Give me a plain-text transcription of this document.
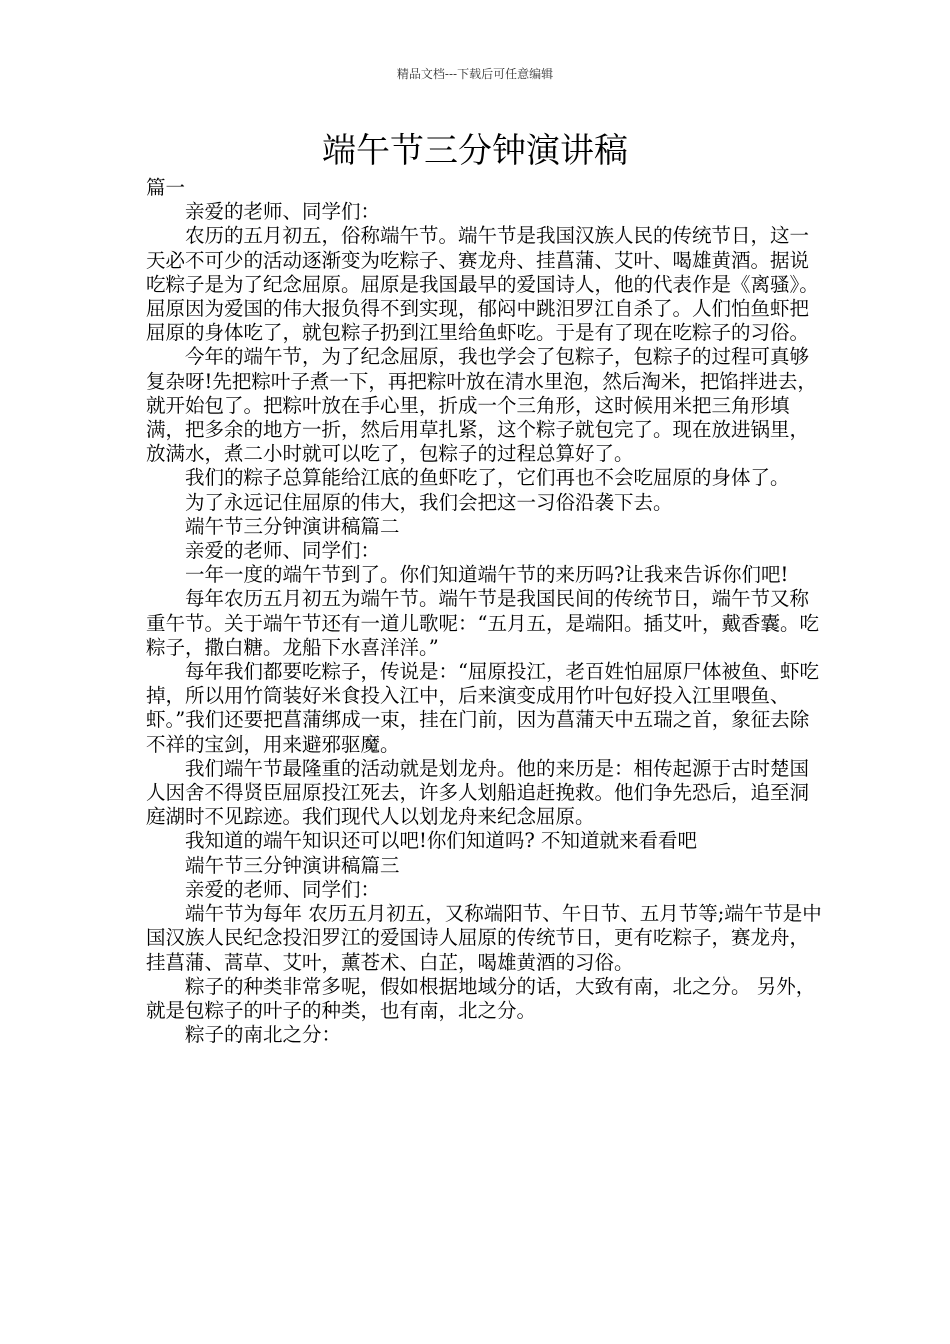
精品文档---下载后可任意编辑
端午节三分钟演讲稿

篇一

亲爱的老师、同学们：

农历的五月初五，俗称端午节。端午节是我国汉族人民的传统节日，这一天必不可少的活动逐渐变为吃粽子、赛龙舟、挂菖蒲、艾叶、喝雄黄酒。据说吃粽子是为了纪念屈原。屈原是我国最早的爱国诗人，他的代表作是《离骚》。屈原因为爱国的伟大报负得不到实现，郁闷中跳汨罗江自杀了。人们怕鱼虾把屈原的身体吃了，就包粽子扔到江里给鱼虾吃。于是有了现在吃粽子的习俗。

今年的端午节，为了纪念屈原，我也学会了包粽子，包粽子的过程可真够复杂呀!先把粽叶子煮一下，再把粽叶放在清水里泡，然后淘米，把馅拌进去，就开始包了。把粽叶放在手心里，折成一个三角形，这时候用米把三角形填满，把多余的地方一折，然后用草扎紧，这个粽子就包完了。现在放进锅里，放满水，煮二小时就可以吃了，包粽子的过程总算好了。

我们的粽子总算能给江底的鱼虾吃了，它们再也不会吃屈原的身体了。

为了永远记住屈原的伟大，我们会把这一习俗沿袭下去。

端午节三分钟演讲稿篇二

亲爱的老师、同学们：

一年一度的端午节到了。你们知道端午节的来历吗?让我来告诉你们吧!

每年农历五月初五为端午节。端午节是我国民间的传统节日，端午节又称重午节。关于端午节还有一道儿歌呢：“五月五，是端阳。插艾叶，戴香囊。吃粽子，撒白糖。龙船下水喜洋洋。”

每年我们都要吃粽子，传说是：“屈原投江，老百姓怕屈原尸体被鱼、虾吃掉，所以用竹筒装好米食投入江中，后来演变成用竹叶包好投入江里喂鱼、虾。”我们还要把菖蒲绑成一束，挂在门前，因为菖蒲天中五瑞之首，象征去除不祥的宝剑，用来避邪驱魔。

我们端午节最隆重的活动就是划龙舟。他的来历是：相传起源于古时楚国人因舍不得贤臣屈原投江死去，许多人划船追赶挽救。他们争先恐后，追至洞庭湖时不见踪迹。我们现代人以划龙舟来纪念屈原。

我知道的端午知识还可以吧!你们知道吗? 不知道就来看看吧

端午节三分钟演讲稿篇三

亲爱的老师、同学们：

端午节为每年 农历五月初五，又称端阳节、午日节、五月节等;端午节是中国汉族人民纪念投汨罗江的爱国诗人屈原的传统节日，更有吃粽子，赛龙舟，挂菖蒲、蒿草、艾叶，薰苍术、白芷，喝雄黄酒的习俗。

粽子的种类非常多呢，假如根据地域分的话，大致有南，北之分。 另外，就是包粽子的叶子的种类，也有南，北之分。

粽子的南北之分：
